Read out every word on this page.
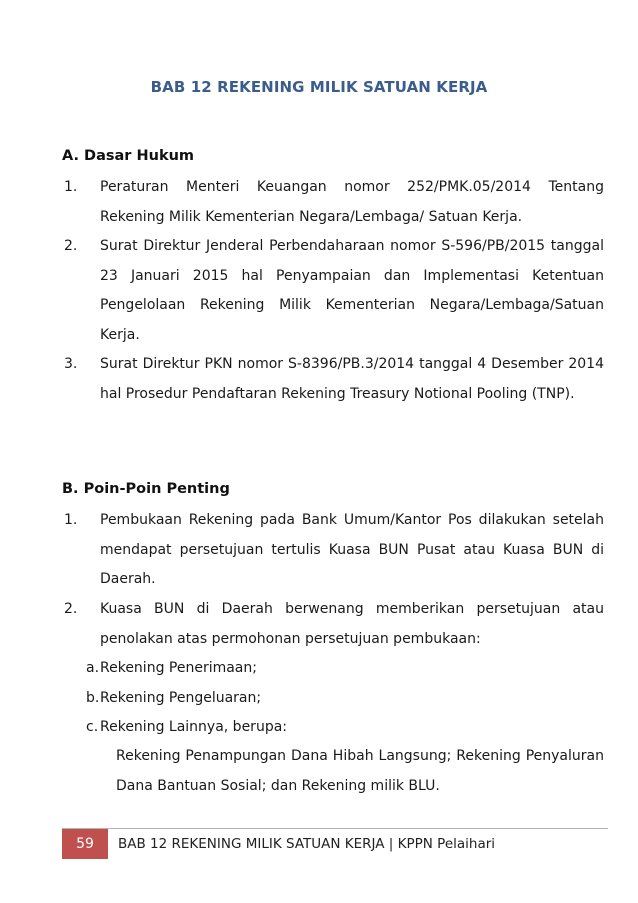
BAB 12 REKENING MILIK SATUAN KERJA
A. Dasar Hukum
1.	Peraturan Menteri Keuangan nomor 252/PMK.05/2014 Tentang Rekening Milik Kementerian Negara/Lembaga/ Satuan Kerja.
2.	Surat Direktur Jenderal Perbendaharaan nomor S-596/PB/2015 tanggal 23 Januari 2015 hal Penyampaian dan Implementasi Ketentuan Pengelolaan Rekening Milik Kementerian Negara/Lembaga/Satuan Kerja.
3.	Surat Direktur PKN nomor S-8396/PB.3/2014 tanggal 4 Desember 2014 hal Prosedur Pendaftaran Rekening Treasury Notional Pooling (TNP).
B. Poin-Poin Penting
1.	Pembukaan Rekening pada Bank Umum/Kantor Pos dilakukan setelah mendapat persetujuan tertulis Kuasa BUN Pusat atau Kuasa BUN di Daerah.
2.	Kuasa BUN di Daerah berwenang memberikan persetujuan atau penolakan atas permohonan persetujuan pembukaan:
a.Rekening Penerimaan;
b.Rekening Pengeluaran;
c. Rekening Lainnya, berupa:
Rekening Penampungan Dana Hibah Langsung; Rekening Penyaluran Dana Bantuan Sosial; dan Rekening milik BLU.
59	BAB 12 REKENING MILIK SATUAN KERJA | KPPN Pelaihari
